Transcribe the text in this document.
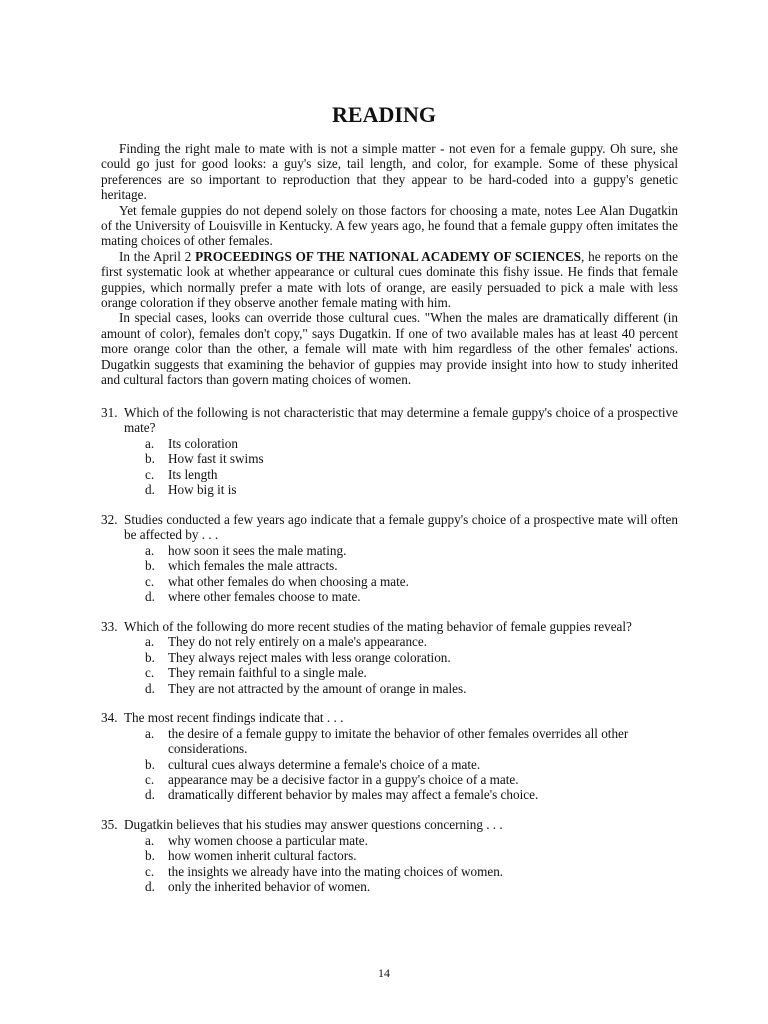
READING

Finding the right male to mate with is not a simple matter - not even for a female guppy. Oh sure, she could go just for good looks: a guy's size, tail length, and color, for example. Some of these physical preferences are so important to reproduction that they appear to be hard-coded into a guppy's genetic heritage.

Yet female guppies do not depend solely on those factors for choosing a mate, notes Lee Alan Dugatkin of the University of Louisville in Kentucky. A few years ago, he found that a female guppy often imitates the mating choices of other females.

In the April 2 PROCEEDINGS OF THE NATIONAL ACADEMY OF SCIENCES, he reports on the first systematic look at whether appearance or cultural cues dominate this fishy issue. He finds that female guppies, which normally prefer a mate with lots of orange, are easily persuaded to pick a male with less orange coloration if they observe another female mating with him.

In special cases, looks can override those cultural cues. "When the males are dramatically different (in amount of color), females don't copy," says Dugatkin. If one of two available males has at least 40 percent more orange color than the other, a female will mate with him regardless of the other females' actions. Dugatkin suggests that examining the behavior of guppies may provide insight into how to study inherited and cultural factors than govern mating choices of women.

31. Which of the following is not characteristic that may determine a female guppy's choice of a prospective mate?
a.	Its coloration
b. How fast it swims
c.	Its length
d. How big it is
32. Studies conducted a few years ago indicate that a female guppy's choice of a prospective mate will often be affected by . . .
a.	how soon it sees the male mating.
b. which females the male attracts.
c.	what other females do when choosing a mate.
d. where other females choose to mate.
33. Which of the following do more recent studies of the mating behavior of female guppies reveal?
a.	They do not rely entirely on a male's appearance.
b. They always reject males with less orange coloration.
c.	They remain faithful to a single male.
d. They are not attracted by the amount of orange in males.
34. The most recent findings indicate that . . .
a.	the desire of a female guppy to imitate the behavior of other females overrides all other considerations.
b. cultural cues always determine a female's choice of a mate.
c.	appearance may be a decisive factor in a guppy's choice of a mate.
d. dramatically different behavior by males may affect a female's choice.
35. Dugatkin believes that his studies may answer questions concerning . . .
a.	why women choose a particular mate.
b. how women inherit cultural factors.
c.	the insights we already have into the mating choices of women.
d. only the inherited behavior of women.
14
